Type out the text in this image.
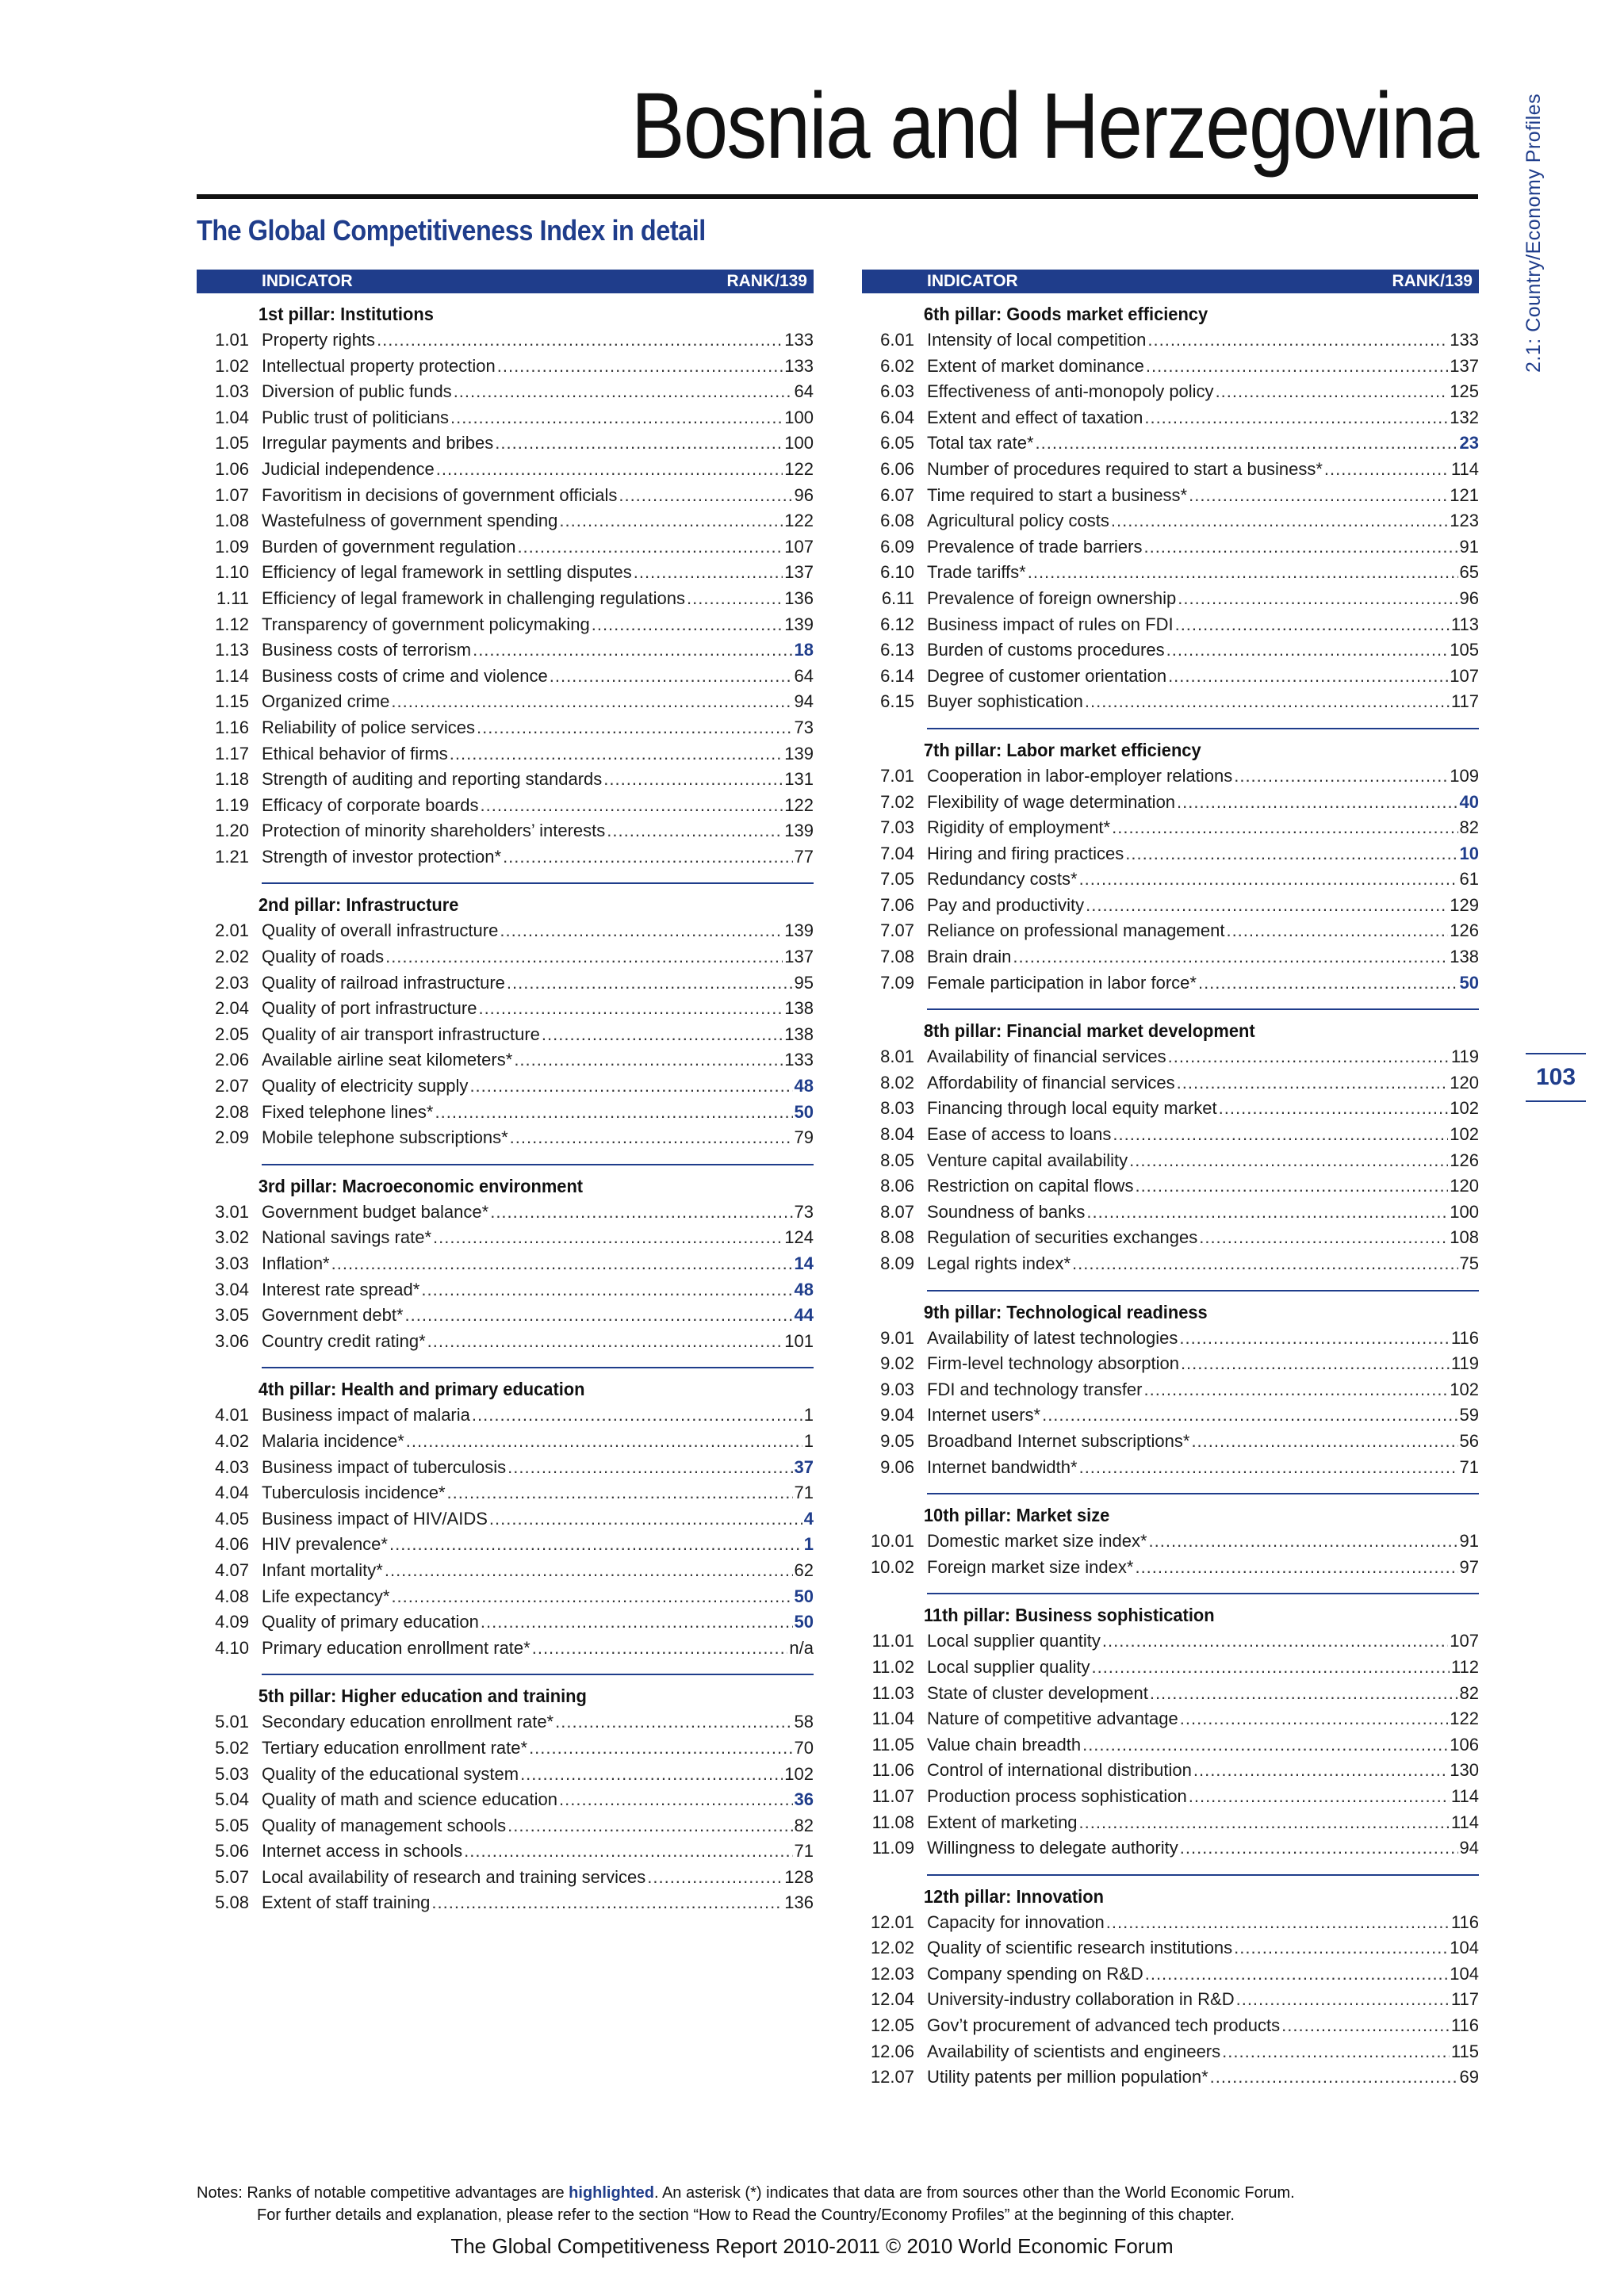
Bosnia and Herzegovina
The Global Competitiveness Index in detail	2.1: Country/Economy Profiles
103
INDICATOR	RANK/139
1st pillar: Institutions
1.01 Property rights .....	133
1.02 Intellectual property protection .....	133
1.03 Diversion of public funds .....	64
1.04 Public trust of politicians .....	100
1.05 Irregular payments and bribes .....	100
1.06 Judicial independence .....	122
1.07 Favoritism in decisions of government officials .....	96
1.08 Wastefulness of government spending .....	122
1.09 Burden of government regulation .....	107
1.10 Efficiency of legal framework in settling disputes .....	137
1.11 Efficiency of legal framework in challenging regulations .....	136
1.12 Transparency of government policymaking .....	139
1.13 Business costs of terrorism .....	18
1.14 Business costs of crime and violence .....	64
1.15 Organized crime .....	94
1.16 Reliability of police services .....	73
1.17 Ethical behavior of firms .....	139
1.18 Strength of auditing and reporting standards .....	131
1.19 Efficacy of corporate boards .....	122
1.20 Protection of minority shareholders’ interests .....	139
1.21 Strength of investor protection* .....	77
2nd pillar: Infrastructure
2.01 Quality of overall infrastructure .....	139
2.02 Quality of roads .....	137
2.03 Quality of railroad infrastructure .....	95
2.04 Quality of port infrastructure .....	138
2.05 Quality of air transport infrastructure .....	138
2.06 Available airline seat kilometers* .....	133
2.07 Quality of electricity supply .....	48
2.08 Fixed telephone lines* .....	50
2.09 Mobile telephone subscriptions* .....	79
3rd pillar: Macroeconomic environment
3.01 Government budget balance* .....	73
3.02 National savings rate* .....	124
3.03 Inflation* .....	14
3.04 Interest rate spread* .....	48
3.05 Government debt* .....	44
3.06 Country credit rating* .....	101
4th pillar: Health and primary education
4.01 Business impact of malaria .....	1
4.02 Malaria incidence* .....	1
4.03 Business impact of tuberculosis .....	37
4.04 Tuberculosis incidence* .....	71
4.05 Business impact of HIV/AIDS .....	4
4.06 HIV prevalence* .....	1
4.07 Infant mortality* .....	62
4.08 Life expectancy* .....	50
4.09 Quality of primary education .....	50
4.10 Primary education enrollment rate* .....	n/a
5th pillar: Higher education and training
5.01 Secondary education enrollment rate* .....	58
5.02 Tertiary education enrollment rate* .....	70
5.03 Quality of the educational system .....	102
5.04 Quality of math and science education .....	36
5.05 Quality of management schools .....	82
5.06 Internet access in schools .....	71
5.07 Local availability of research and training services .....	128
5.08 Extent of staff training .....	136
INDICATOR	RANK/139
6th pillar: Goods market efficiency
6.01 Intensity of local competition .....	133
6.02 Extent of market dominance .....	137
6.03 Effectiveness of anti-monopoly policy .....	125
6.04 Extent and effect of taxation .....	132
6.05 Total tax rate* .....	23
6.06 Number of procedures required to start a business* .....	114
6.07 Time required to start a business* .....	121
6.08 Agricultural policy costs .....	123
6.09 Prevalence of trade barriers .....	91
6.10 Trade tariffs* .....	65
6.11 Prevalence of foreign ownership .....	96
6.12 Business impact of rules on FDI .....	113
6.13 Burden of customs procedures .....	105
6.14 Degree of customer orientation .....	107
6.15 Buyer sophistication .....	117
7th pillar: Labor market efficiency
7.01 Cooperation in labor-employer relations .....	109
7.02 Flexibility of wage determination .....	40
7.03 Rigidity of employment* .....	82
7.04 Hiring and firing practices .....	10
7.05 Redundancy costs* .....	61
7.06 Pay and productivity .....	129
7.07 Reliance on professional management .....	126
7.08 Brain drain .....	138
7.09 Female participation in labor force* .....	50
8th pillar: Financial market development
8.01 Availability of financial services .....	119
8.02 Affordability of financial services .....	120
8.03 Financing through local equity market .....	102
8.04 Ease of access to loans .....	102
8.05 Venture capital availability .....	126
8.06 Restriction on capital flows .....	120
8.07 Soundness of banks .....	100
8.08 Regulation of securities exchanges .....	108
8.09 Legal rights index* .....	75
9th pillar: Technological readiness
9.01 Availability of latest technologies .....	116
9.02 Firm-level technology absorption .....	119
9.03 FDI and technology transfer .....	102
9.04 Internet users* .....	59
9.05 Broadband Internet subscriptions* .....	56
9.06 Internet bandwidth* .....	71
10th pillar: Market size
10.01 Domestic market size index* .....	91
10.02 Foreign market size index* .....	97
11th pillar: Business sophistication
11.01 Local supplier quantity .....	107
11.02 Local supplier quality .....	112
11.03 State of cluster development .....	82
11.04 Nature of competitive advantage .....	122
11.05 Value chain breadth .....	106
11.06 Control of international distribution .....	130
11.07 Production process sophistication .....	114
11.08 Extent of marketing .....	114
11.09 Willingness to delegate authority .....	94
12th pillar: Innovation
12.01 Capacity for innovation .....	116
12.02 Quality of scientific research institutions .....	104
12.03 Company spending on R&D .....	104
12.04 University-industry collaboration in R&D .....	117
12.05 Gov’t procurement of advanced tech products .....	116
12.06 Availability of scientists and engineers .....	115
12.07 Utility patents per million population* .....	69
Notes: Ranks of notable competitive advantages are highlighted. An asterisk (*) indicates that data are from sources other than the World Economic Forum.
For further details and explanation, please refer to the section “How to Read the Country/Economy Profiles” at the beginning of this chapter.
The Global Competitiveness Report 2010-2011 © 2010 World Economic Forum
